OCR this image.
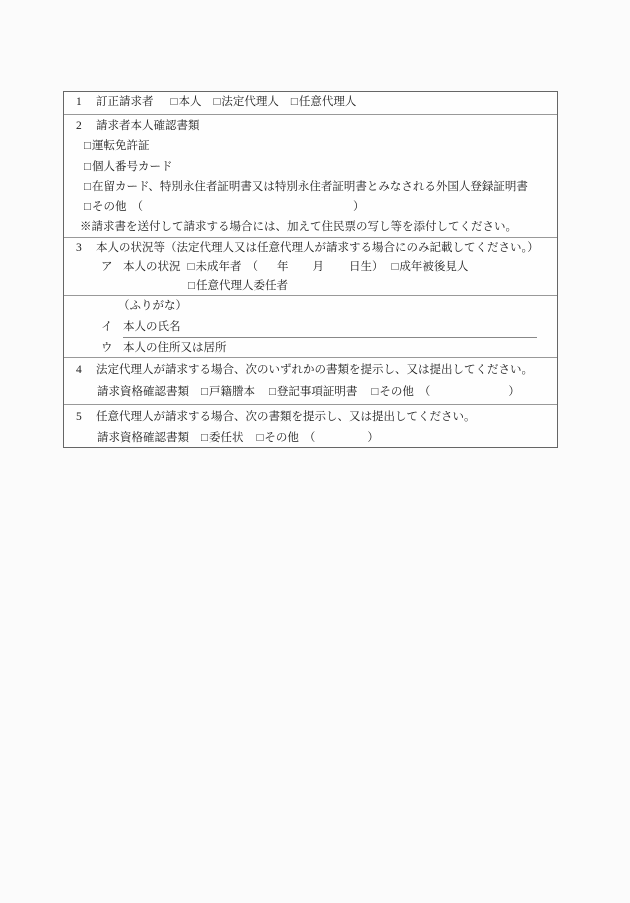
1 訂正請求者 □本人 □法定代理人 □任意代理人
2 請求者本人確認書類
□運転免許証
□個人番号カード
□在留カード、特別永住者証明書又は特別永住者証明書とみなされる外国人登録証明書
□その他 （	）
※請求書を送付して請求する場合には、加えて住民票の写し等を添付してください。
3 本人の状況等（法定代理人又は任意代理人が請求する場合にのみ記載してください。）
ア 本人の状況 □未成年者 （ 年 月 日生） □成年被後見人
□任意代理人委任者
（ふりがな）
イ 本人の氏名
ウ 本人の住所又は居所
4 法定代理人が請求する場合、次のいずれかの書類を提示し、又は提出してください。
請求資格確認書類 □戸籍謄本 □登記事項証明書 □その他 （	）
5 任意代理人が請求する場合、次の書類を提示し、又は提出してください。
請求資格確認書類 □委任状 □その他 （	）
